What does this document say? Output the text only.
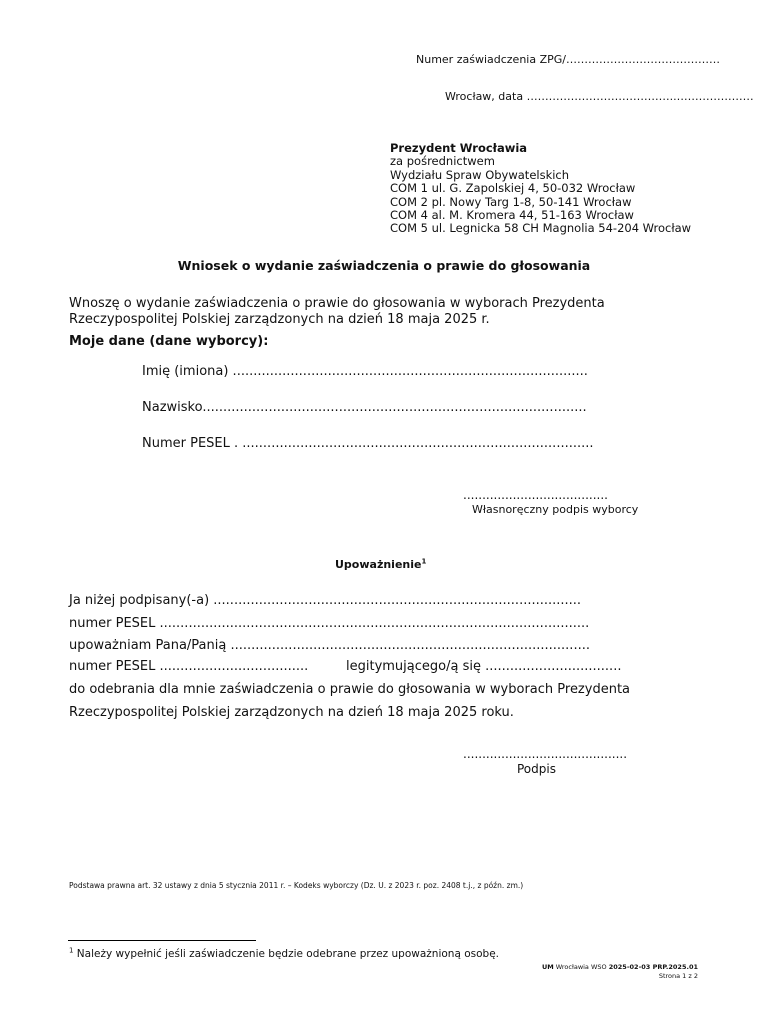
Numer zaświadczenia ZPG/……………………………………
Wrocław, data …………………………………..…………………
Prezydent Wrocławia
za pośrednictwem
Wydziału Spraw Obywatelskich
COM 1 ul. G. Zapolskiej 4, 50-032 Wrocław
COM 2 pl. Nowy Targ 1-8, 50-141 Wrocław
COM 4 al. M. Kromera 44, 51-163 Wrocław
COM 5 ul. Legnicka 58 CH Magnolia 54-204 Wrocław
Wniosek o wydanie zaświadczenia o prawie do głosowania
Wnoszę o wydanie zaświadczenia o prawie do głosowania w wyborach Prezydenta
Rzeczypospolitej Polskiej zarządzonych na dzień 18 maja 2025 r.
Moje dane (dane wyborcy):
Imię (imiona) ......................................................................................
Nazwisko.............................................................................................
Numer PESEL . .....................................................................................
......................................
Własnoręczny podpis wyborcy
Upoważnienie$^1$
Ja niżej podpisany(-a) .........................................................................................
numer PESEL ........................................................................................................
upoważniam Pana/Panią .......................................................................................
numer PESEL ....................................	legitymującego/ą się .................................
do odebrania dla mnie zaświadczenia o prawie do głosowania w wyborach Prezydenta
Rzeczypospolitej Polskiej zarządzonych na dzień 18 maja 2025 roku.
...........................................
Podpis
Podstawa prawna art. 32 ustawy z dnia 5 stycznia 2011 r. – Kodeks wyborczy (Dz. U. z 2023 r. poz. 2408 t.j., z późn. zm.)
$^1$ Należy wypełnić jeśli zaświadczenie będzie odebrane przez upoważnioną osobę.
UM Wrocławia WSO 2025-02-03 PRP.2025.01
Strona 1 z 2
